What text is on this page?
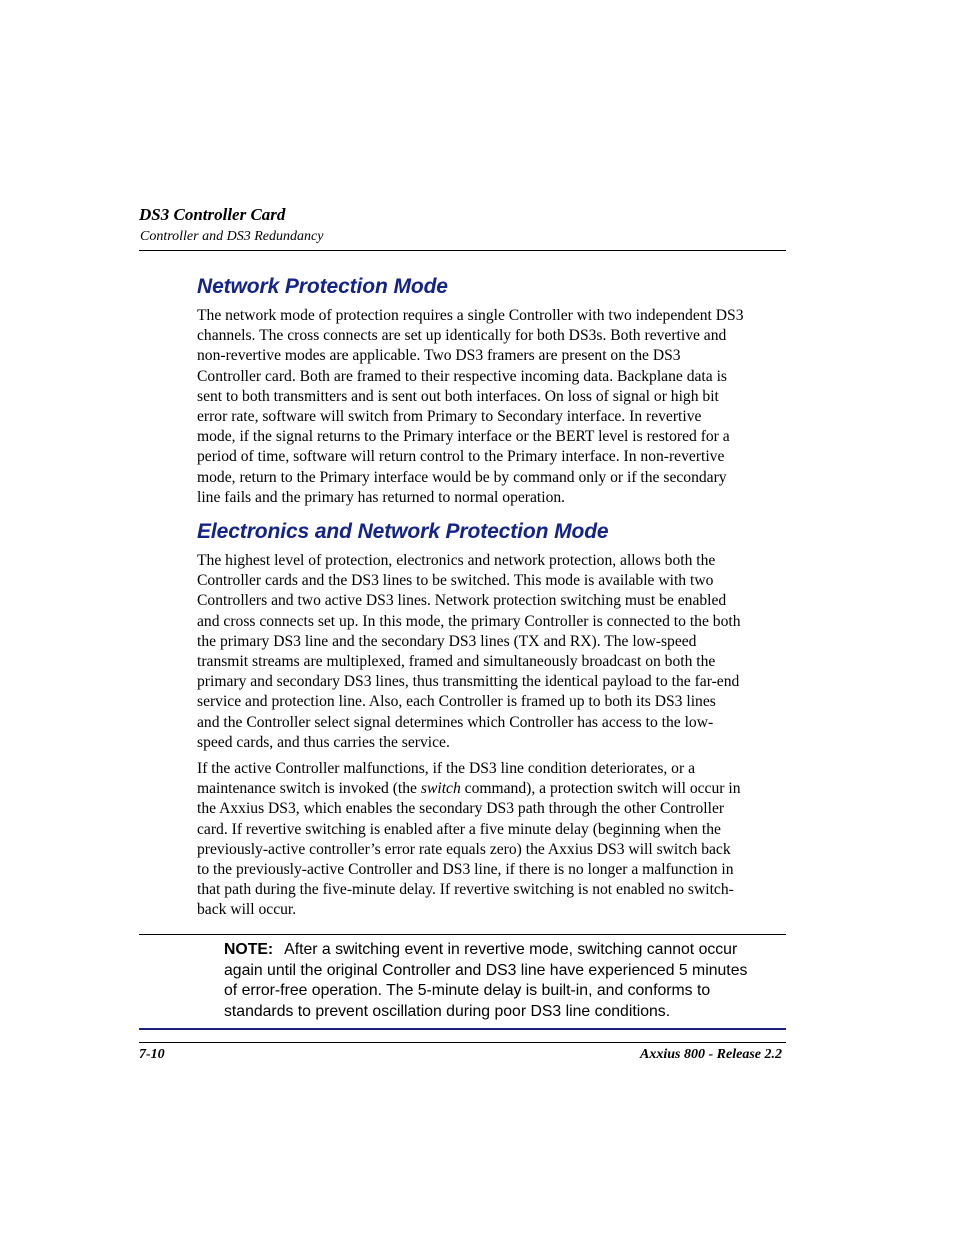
DS3 Controller Card
Controller and DS3 Redundancy
Network Protection Mode
The network mode of protection requires a single Controller with two independent DS3
channels. The cross connects are set up identically for both DS3s. Both revertive and
non-revertive modes are applicable. Two DS3 framers are present on the DS3
Controller card. Both are framed to their respective incoming data. Backplane data is
sent to both transmitters and is sent out both interfaces. On loss of signal or high bit
error rate, software will switch from Primary to Secondary interface. In revertive
mode, if the signal returns to the Primary interface or the BERT level is restored for a
period of time, software will return control to the Primary interface. In non-revertive
mode, return to the Primary interface would be by command only or if the secondary
line fails and the primary has returned to normal operation.
Electronics and Network Protection Mode
The highest level of protection, electronics and network protection, allows both the
Controller cards and the DS3 lines to be switched. This mode is available with two
Controllers and two active DS3 lines. Network protection switching must be enabled
and cross connects set up. In this mode, the primary Controller is connected to the both
the primary DS3 line and the secondary DS3 lines (TX and RX). The low-speed
transmit streams are multiplexed, framed and simultaneously broadcast on both the
primary and secondary DS3 lines, thus transmitting the identical payload to the far-end
service and protection line. Also, each Controller is framed up to both its DS3 lines
and the Controller select signal determines which Controller has access to the low-
speed cards, and thus carries the service.
If the active Controller malfunctions, if the DS3 line condition deteriorates, or a
maintenance switch is invoked (the switch command), a protection switch will occur in
the Axxius DS3, which enables the secondary DS3 path through the other Controller
card. If revertive switching is enabled after a five minute delay (beginning when the
previously-active controller’s error rate equals zero) the Axxius DS3 will switch back
to the previously-active Controller and DS3 line, if there is no longer a malfunction in
that path during the five-minute delay. If revertive switching is not enabled no switch-
back will occur.
NOTE: After a switching event in revertive mode, switching cannot occur
again until the original Controller and DS3 line have experienced 5 minutes
of error-free operation. The 5-minute delay is built-in, and conforms to
standards to prevent oscillation during poor DS3 line conditions.
7-10	Axxius 800 - Release 2.2
